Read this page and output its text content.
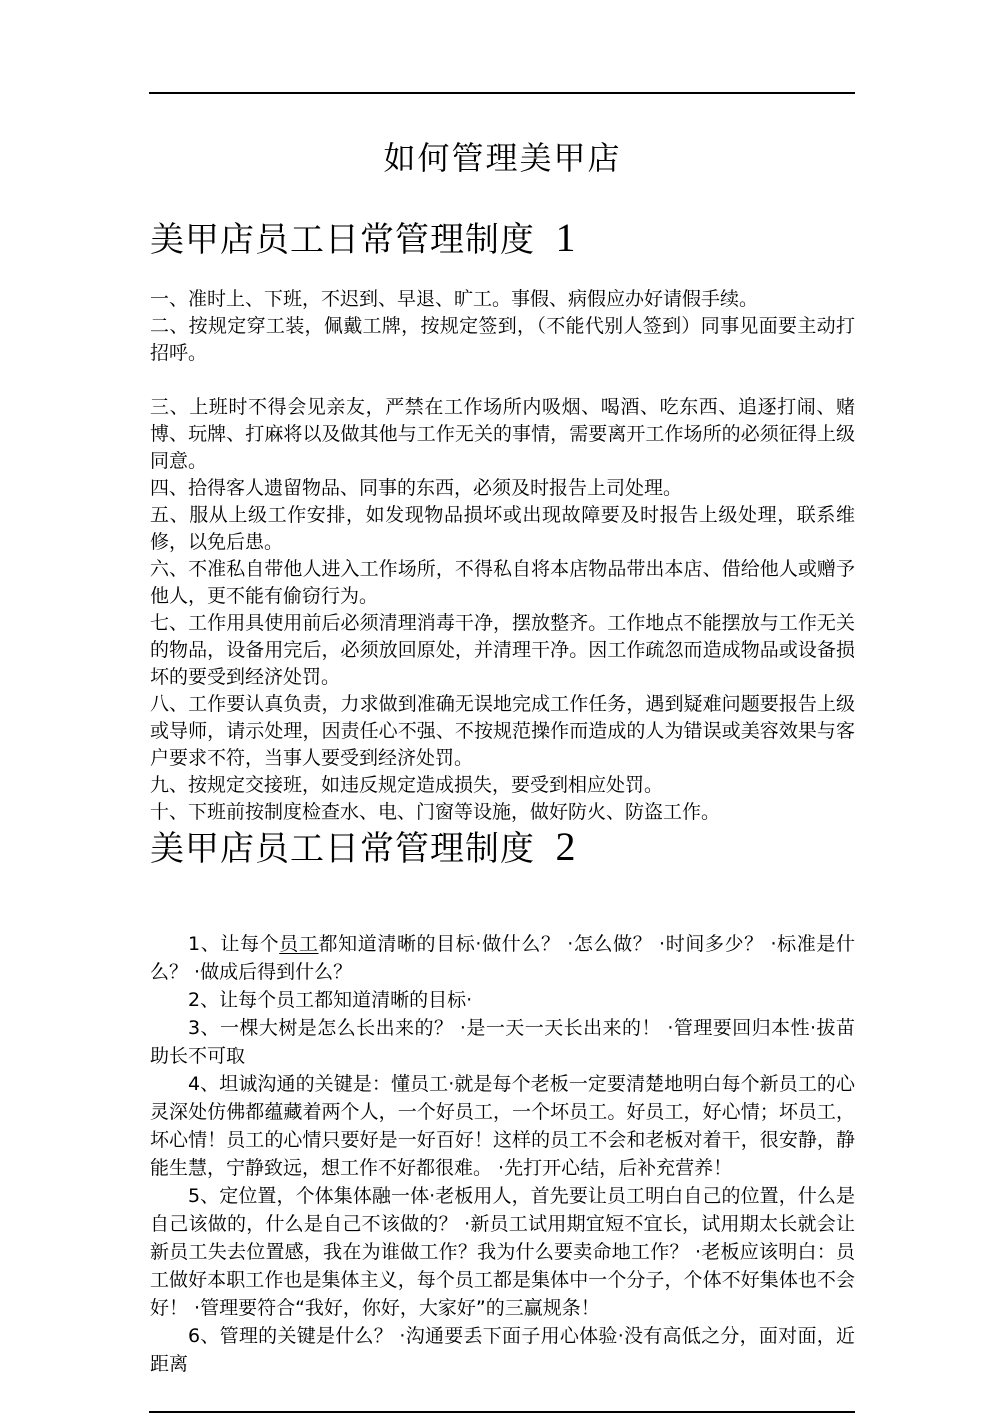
如何管理美甲店
美甲店员工日常管理制度 1

一、准时上、下班，不迟到、早退、旷工。事假、病假应办好请假手续。

二、按规定穿工装，佩戴工牌，按规定签到，（不能代别人签到）同事见面要主动打招呼。

三、上班时不得会见亲友，严禁在工作场所内吸烟、喝酒、吃东西、追逐打闹、赌博、玩牌、打麻将以及做其他与工作无关的事情，需要离开工作场所的必须征得上级同意。

四、拾得客人遗留物品、同事的东西，必须及时报告上司处理。

五、服从上级工作安排，如发现物品损坏或出现故障要及时报告上级处理，联系维修，以免后患。

六、不准私自带他人进入工作场所，不得私自将本店物品带出本店、借给他人或赠予他人，更不能有偷窃行为。

七、工作用具使用前后必须清理消毒干净，摆放整齐。工作地点不能摆放与工作无关的物品，设备用完后，必须放回原处，并清理干净。因工作疏忽而造成物品或设备损坏的要受到经济处罚。

八、工作要认真负责，力求做到准确无误地完成工作任务，遇到疑难问题要报告上级或导师，请示处理，因责任心不强、不按规范操作而造成的人为错误或美容效果与客户要求不符，当事人要受到经济处罚。

九、按规定交接班，如违反规定造成损失，要受到相应处罚。

十、下班前按制度检查水、电、门窗等设施，做好防火、防盗工作。

美甲店员工日常管理制度 2

1、让每个员工都知道清晰的目标·做什么？ ·怎么做？ ·时间多少？ ·标准是什么？ ·做成后得到什么？

2、让每个员工都知道清晰的目标·

3、一棵大树是怎么长出来的？ ·是一天一天长出来的！ ·管理要回归本性·拔苗助长不可取

4、坦诚沟通的关键是：懂员工·就是每个老板一定要清楚地明白每个新员工的心灵深处仿佛都蕴藏着两个人，一个好员工，一个坏员工。好员工，好心情；坏员工，坏心情！员工的心情只要好是一好百好！这样的员工不会和老板对着干，很安静，静能生慧，宁静致远，想工作不好都很难。 ·先打开心结，后补充营养！

5、定位置，个体集体融一体·老板用人，首先要让员工明白自己的位置，什么是自己该做的，什么是自己不该做的？ ·新员工试用期宜短不宜长，试用期太长就会让新员工失去位置感，我在为谁做工作？我为什么要卖命地工作？ ·老板应该明白：员工做好本职工作也是集体主义，每个员工都是集体中一个分子，个体不好集体也不会好！ ·管理要符合“我好，你好，大家好”的三赢规条！

6、管理的关键是什么？ ·沟通要丢下面子用心体验·没有高低之分，面对面，近距离
